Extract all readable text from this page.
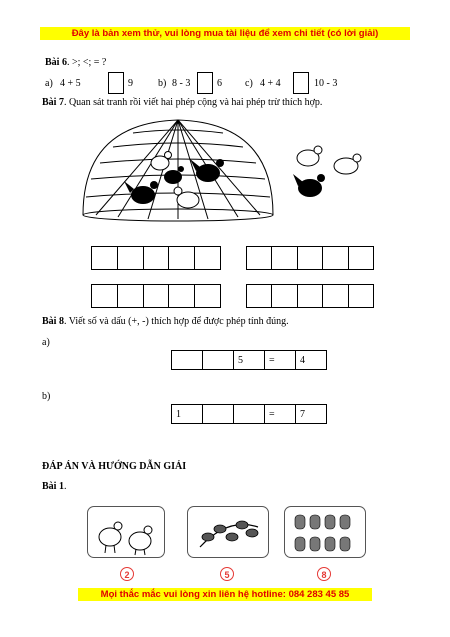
Đây là bản xem thử, vui lòng mua tài liệu để xem chi tiết (có lời giải)
Bài 6. >; <; = ?
a) 4 + 5	9	b) 8 - 3	6 c) 4 + 4	10 - 3
Bài 7. Quan sát tranh rồi viết hai phép cộng và hai phép trừ thích hợp.
Bài 8. Viết số và dấu (+, -) thích hợp để được phép tính đúng.
a)
		5	=	4
b)
1			=	7
ĐÁP ÁN VÀ HƯỚNG DẪN GIẢI
Bài 1.
2	5	8
Mọi thắc mắc vui lòng xin liên hệ hotline: 084 283 45 85
